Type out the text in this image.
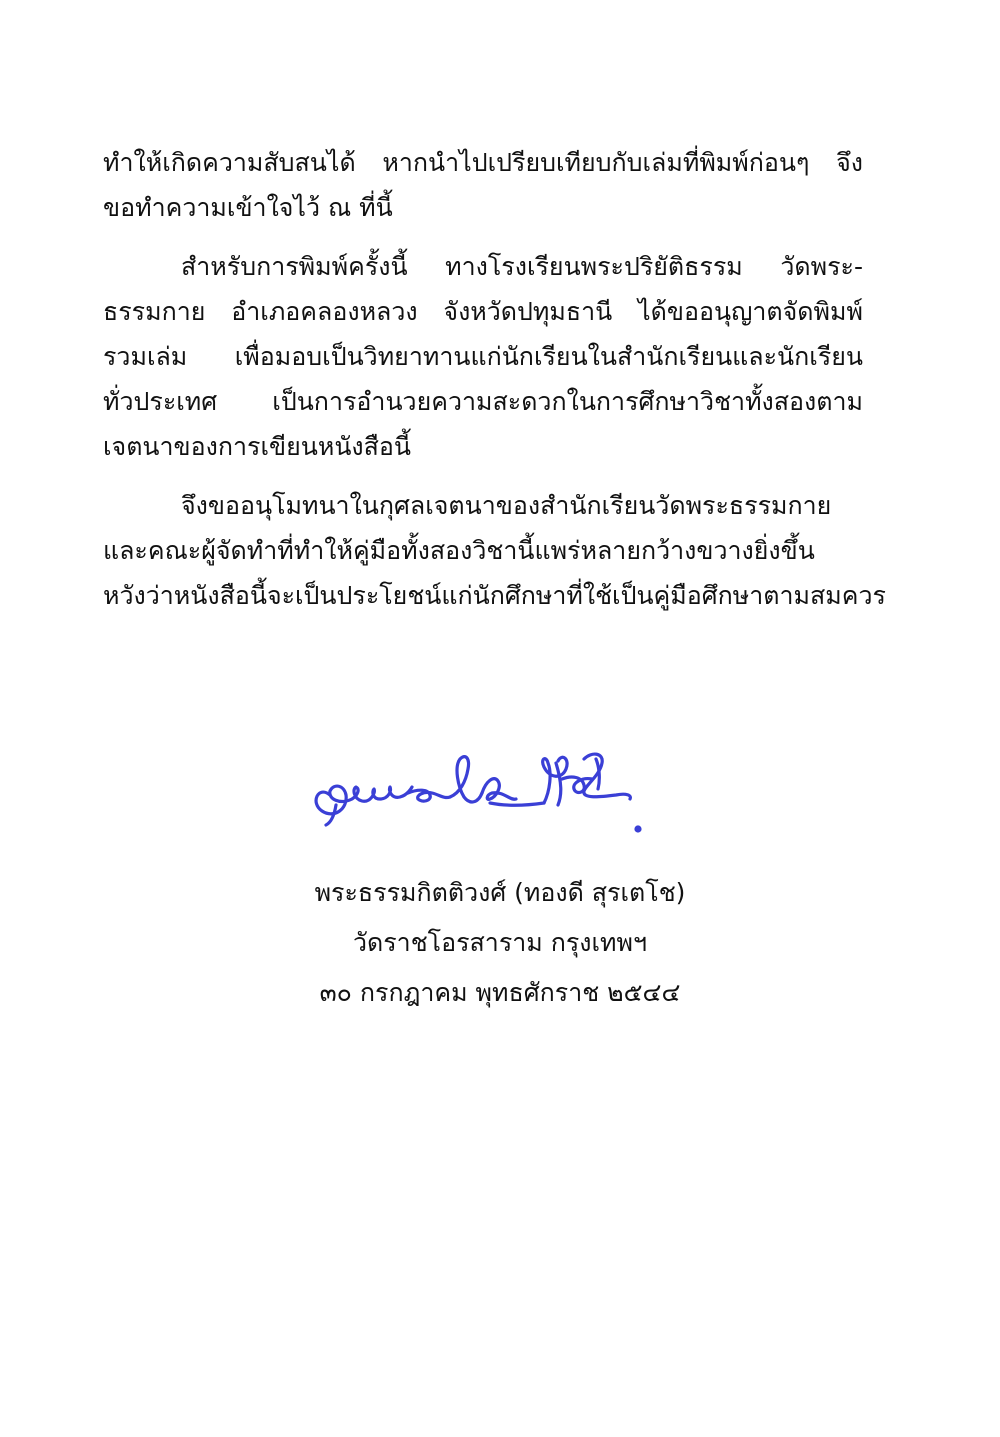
ทำให้เกิดความสับสนได้ หากนำไปเปรียบเทียบกับเล่มที่พิมพ์ก่อนๆ จึง
ขอทำความเข้าใจไว้ ณ ที่นี้
สำหรับการพิมพ์ครั้งนี้ ทางโรงเรียนพระปริยัติธรรม วัดพระ-
ธรรมกาย อำเภอคลองหลวง จังหวัดปทุมธานี ได้ขออนุญาตจัดพิมพ์
รวมเล่ม เพื่อมอบเป็นวิทยาทานแก่นักเรียนในสำนักเรียนและนักเรียน
ทั่วประเทศ เป็นการอำนวยความสะดวกในการศึกษาวิชาทั้งสองตาม
เจตนาของการเขียนหนังสือนี้
จึงขออนุโมทนาในกุศลเจตนาของสำนักเรียนวัดพระธรรมกาย
และคณะผู้จัดทำที่ทำให้คู่มือทั้งสองวิชานี้แพร่หลายกว้างขวางยิ่งขึ้น
หวังว่าหนังสือนี้จะเป็นประโยชน์แก่นักศึกษาที่ใช้เป็นคู่มือศึกษาตามสมควร
พระธรรมกิตติวงศ์ (ทองดี สุรเตโช)
วัดราชโอรสาราม กรุงเทพฯ
๓๐ กรกฎาคม พุทธศักราช ๒๕๔๔
